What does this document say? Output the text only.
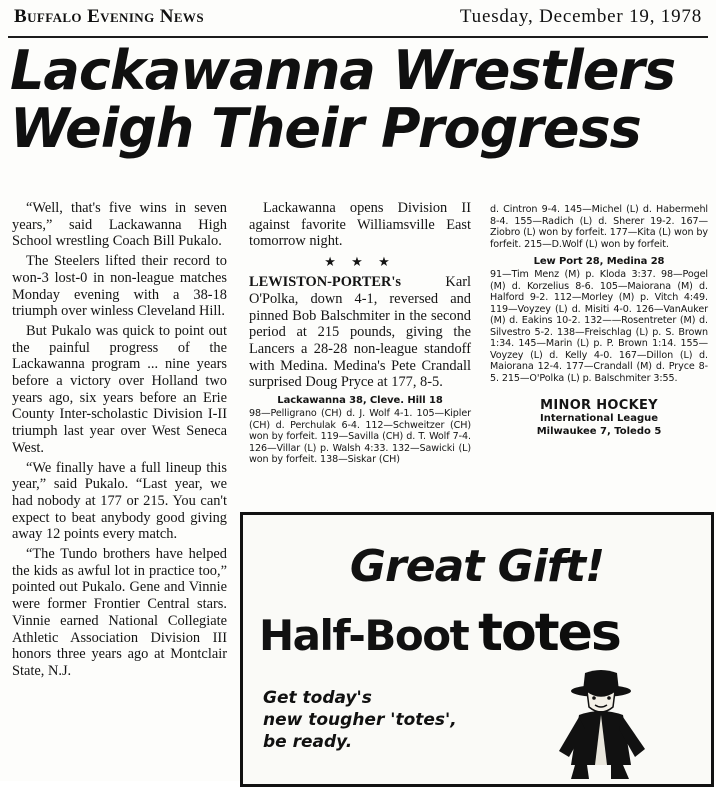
Buffalo Evening News	Tuesday, December 19, 1978
Lackawanna Wrestlers
Weigh Their Progress

“Well, that's five wins in seven years,” said Lackawanna High School wrestling Coach Bill Pukalo.

The Steelers lifted their record to won-3 lost-0 in non-league matches Monday evening with a 38-18 triumph over winless Cleveland Hill.

But Pukalo was quick to point out the painful progress of the Lackawanna program ... nine years before a victory over Holland two years ago, six years before an Erie County Inter-scholastic Division I-II triumph last year over West Seneca West.

“We finally have a full lineup this year,” said Pukalo. “Last year, we had nobody at 177 or 215. You can't expect to beat anybody good giving away 12 points every match.

“The Tundo brothers have helped the kids as awful lot in practice too,” pointed out Pukalo. Gene and Vinnie were former Frontier Central stars. Vinnie earned National Collegiate Athletic Association Division III honors three years ago at Montclair State, N.J.

Lackawanna opens Division II against favorite Williamsville East tomorrow night.

★ ★ ★

LEWISTON-PORTER's Karl O'Polka, down 4-1, reversed and pinned Bob Balschmiter in the second period at 215 pounds, giving the Lancers a 28-28 non-league standoff with Medina. Medina's Pete Crandall surprised Doug Pryce at 177, 8-5.

Lackawanna 38, Cleve. Hill 18
98—Pelligrano (CH) d. J. Wolf 4-1. 105—Kipler (CH) d. Perchulak 6-4. 112—Schweitzer (CH) won by forfeit. 119—Savilla (CH) d. T. Wolf 7-4. 126—Villar (L) p. Walsh 4:33. 132—Sawicki (L) won by forfeit. 138—Siskar (CH)
d. Cintron 9-4. 145—Michel (L) d. Habermehl 8-4. 155—Radich (L) d. Sherer 19-2. 167—Ziobro (L) won by forfeit. 177—Kita (L) won by forfeit. 215—D.Wolf (L) won by forfeit.
Lew Port 28, Medina 28
91—Tim Menz (M) p. Kloda 3:37. 98—Pogel (M) d. Korzelius 8-6. 105—Maiorana (M) d. Halford 9-2. 112—Morley (M) p. Vitch 4:49. 119—Voyzey (L) d. Misiti 4-0. 126—VanAuker (M) d. Eakins 10-2. 132——Rosentreter (M) d. Silvestro 5-2. 138—Freischlag (L) p. S. Brown 1:34. 145—Marin (L) p. P. Brown 1:14. 155—Voyzey (L) d. Kelly 4-0. 167—Dillon (L) d. Maiorana 12-4. 177—Crandall (M) d. Pryce 8-5. 215—O'Polka (L) p. Balschmiter 3:55.
MINOR HOCKEY
International League
Milwaukee 7, Toledo 5
Great Gift!
Half-Boot totes
Get today's
new tougher 'totes',
be ready.
